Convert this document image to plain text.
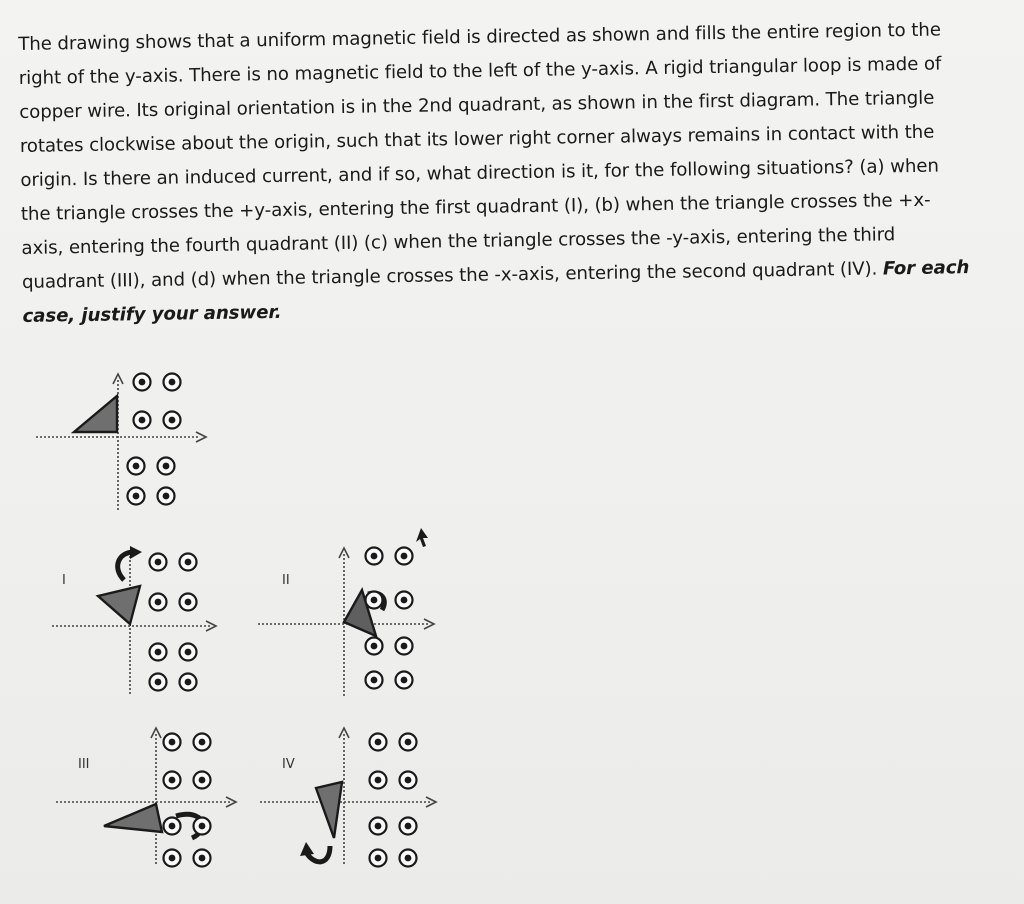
The drawing shows that a uniform magnetic field is directed as shown and fills the entire region to the
right of the y-axis. There is no magnetic field to the left of the y-axis. A rigid triangular loop is made of
copper wire. Its original orientation is in the 2nd quadrant, as shown in the first diagram. The triangle
rotates clockwise about the origin, such that its lower right corner always remains in contact with the
origin. Is there an induced current, and if so, what direction is it, for the following situations? (a) when
the triangle crosses the +y-axis, entering the first quadrant (I), (b) when the triangle crosses the +x-
axis, entering the fourth quadrant (II) (c) when the triangle crosses the -y-axis, entering the third
quadrant (III), and (d) when the triangle crosses the -x-axis, entering the second quadrant (IV). For each
case, justify your answer.
I	II
III	IV
